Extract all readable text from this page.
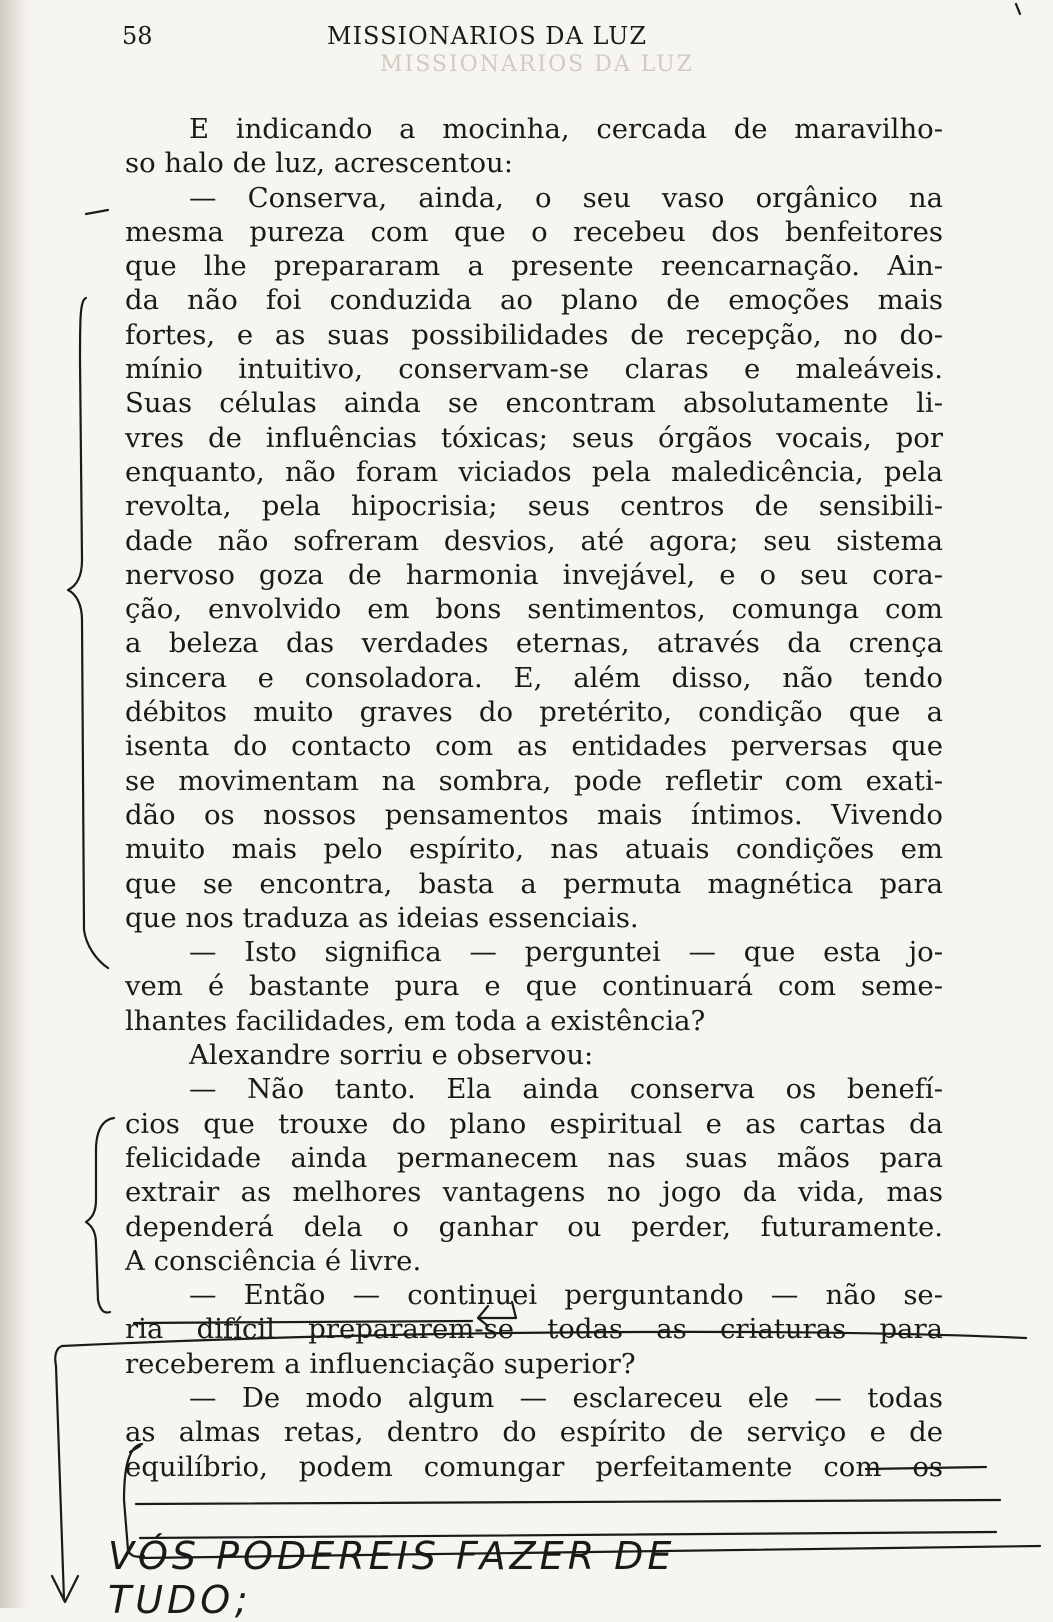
MISSIONARIOS DA LUZ
58	MISSIONARIOS DA LUZ
E indicando a mocinha, cercada de maravilho-
so halo de luz, acrescentou:
— Conserva, ainda, o seu vaso orgânico na
mesma pureza com que o recebeu dos benfeitores
que lhe prepararam a presente reencarnação. Ain-
da não foi conduzida ao plano de emoções mais
fortes, e as suas possibilidades de recepção, no do-
mínio intuitivo, conservam-se claras e maleáveis.
Suas células ainda se encontram absolutamente li-
vres de influências tóxicas; seus órgãos vocais, por
enquanto, não foram viciados pela maledicência, pela
revolta, pela hipocrisia; seus centros de sensibili-
dade não sofreram desvios, até agora; seu sistema
nervoso goza de harmonia invejável, e o seu cora-
ção, envolvido em bons sentimentos, comunga com
a beleza das verdades eternas, através da crença
sincera e consoladora. E, além disso, não tendo
débitos muito graves do pretérito, condição que a
isenta do contacto com as entidades perversas que
se movimentam na sombra, pode refletir com exati-
dão os nossos pensamentos mais íntimos. Vivendo
muito mais pelo espírito, nas atuais condições em
que se encontra, basta a permuta magnética para
que nos traduza as ideias essenciais.
— Isto significa — perguntei — que esta jo-
vem é bastante pura e que continuará com seme-
lhantes facilidades, em toda a existência?
Alexandre sorriu e observou:
— Não tanto. Ela ainda conserva os benefí-
cios que trouxe do plano espiritual e as cartas da
felicidade ainda permanecem nas suas mãos para
extrair as melhores vantagens no jogo da vida, mas
dependerá dela o ganhar ou perder, futuramente.
A consciência é livre.
— Então — continuei perguntando — não se-
ria difícil prepararem-se todas as criaturas para
receberem a influenciação superior?
— De modo algum — esclareceu ele — todas
as almas retas, dentro do espírito de serviço e de
equilíbrio, podem comungar perfeitamente com os
VÓS PODEREIS FAZER DE TUDO;
